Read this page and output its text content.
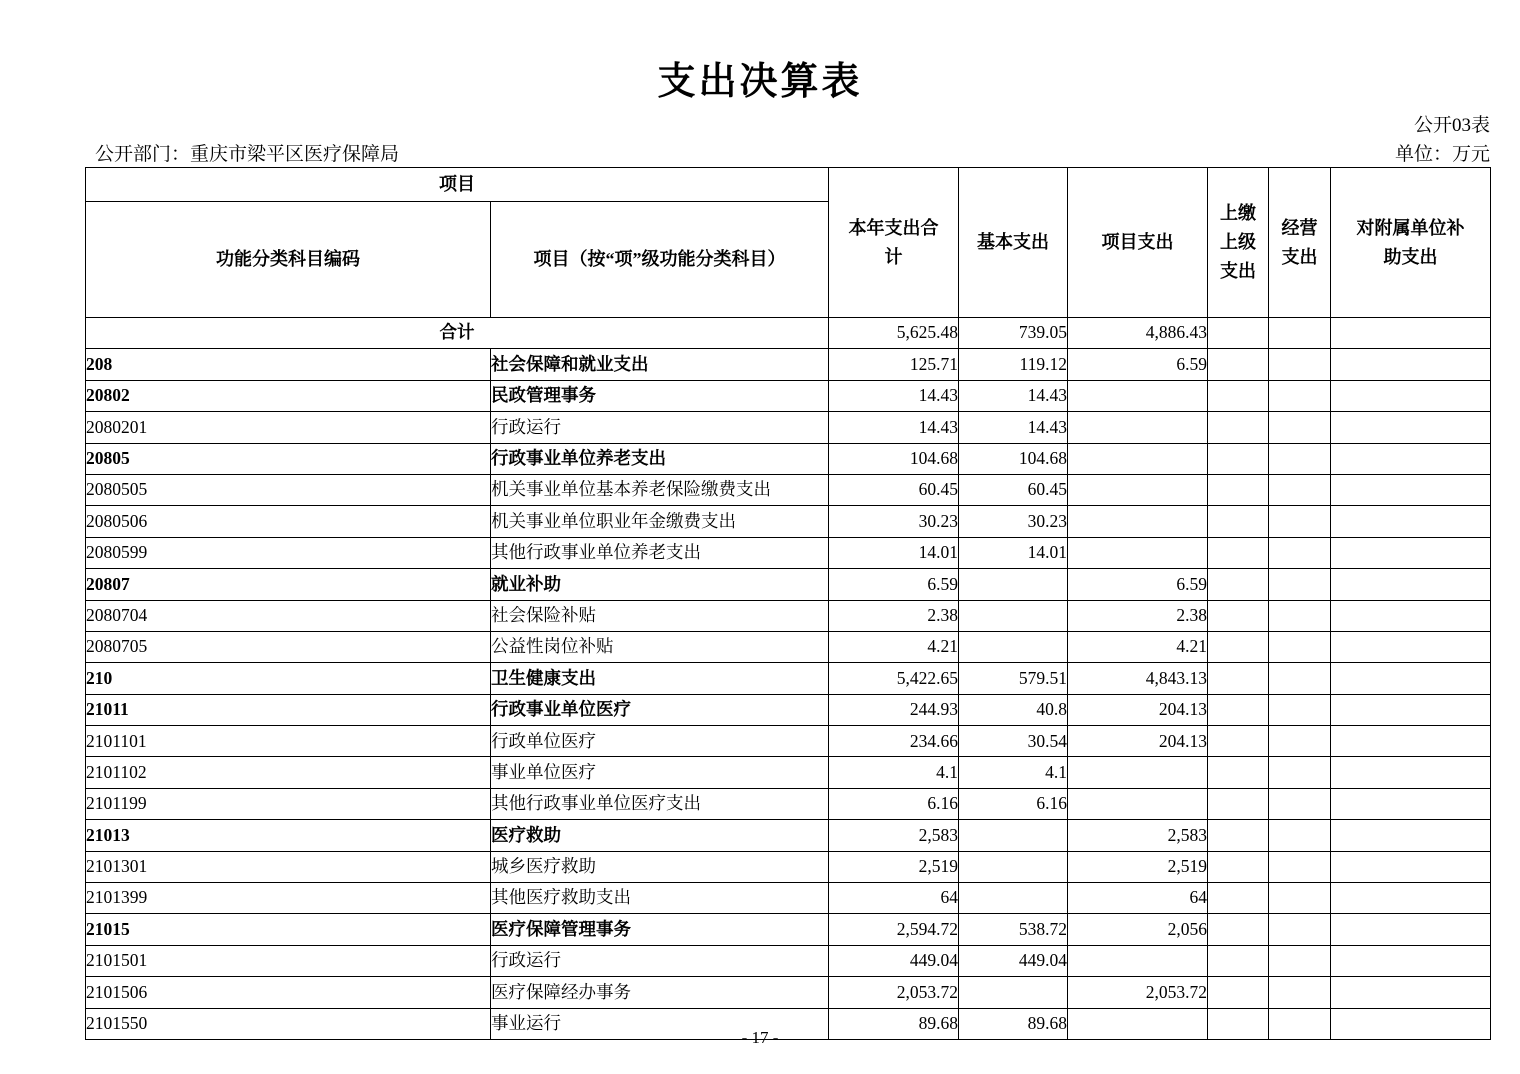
支出决算表
公开03表
公开部门：重庆市梁平区医疗保障局	单位：万元
项目		本年支出合计	基本支出	项目支出	上缴上级支出	经营支出	对附属单位补助支出
功能分类科目编码	项目（按“项”级功能分类科目）						
合计		5,625.48	739.05	4,886.43			
208	社会保障和就业支出	125.71	119.12	6.59			
20802	民政管理事务	14.43	14.43				
2080201	行政运行	14.43	14.43				
20805	行政事业单位养老支出	104.68	104.68				
2080505	机关事业单位基本养老保险缴费支出	60.45	60.45				
2080506	机关事业单位职业年金缴费支出	30.23	30.23				
2080599	其他行政事业单位养老支出	14.01	14.01				
20807	就业补助	6.59		6.59			
2080704	社会保险补贴	2.38		2.38			
2080705	公益性岗位补贴	4.21		4.21			
210	卫生健康支出	5,422.65	579.51	4,843.13			
21011	行政事业单位医疗	244.93	40.8	204.13			
2101101	行政单位医疗	234.66	30.54	204.13			
2101102	事业单位医疗	4.1	4.1				
2101199	其他行政事业单位医疗支出	6.16	6.16				
21013	医疗救助	2,583		2,583			
2101301	城乡医疗救助	2,519		2,519			
2101399	其他医疗救助支出	64		64			
21015	医疗保障管理事务	2,594.72	538.72	2,056			
2101501	行政运行	449.04	449.04				
2101506	医疗保障经办事务	2,053.72		2,053.72			
2101550	事业运行	89.68	89.68				
- 17 -
